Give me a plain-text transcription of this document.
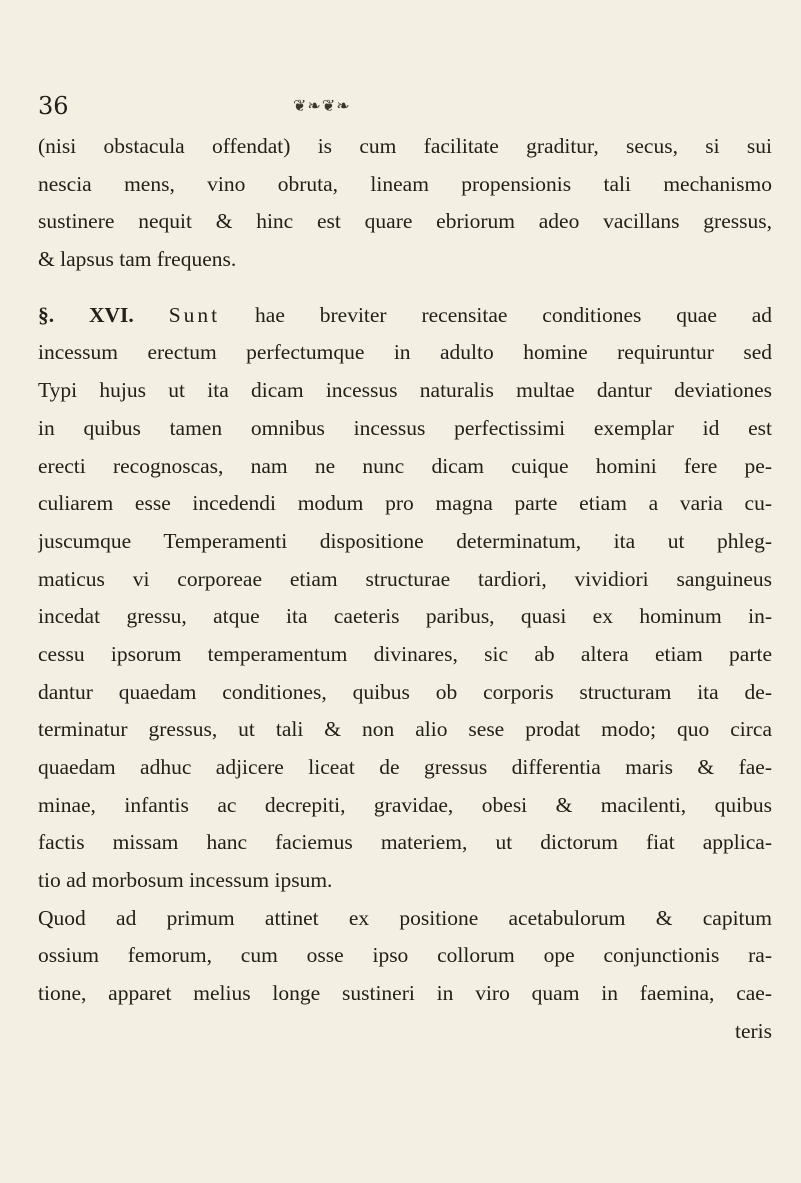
36	❦❧❦❧
(nisi obstacula offendat) is cum facilitate graditur, secus, si sui
nescia mens, vino obruta, lineam propensionis tali mechanismo
sustinere nequit & hinc est quare ebriorum adeo vacillans gressus,
& lapsus tam frequens.
§. XVI. Sunt hae breviter recensitae conditiones quae ad
incessum erectum perfectumque in adulto homine requiruntur sed
Typi hujus ut ita dicam incessus naturalis multae dantur deviationes
in quibus tamen omnibus incessus perfectissimi exemplar id est
erecti recognoscas, nam ne nunc dicam cuique homini fere pe-
culiarem esse incedendi modum pro magna parte etiam a varia cu-
juscumque Temperamenti dispositione determinatum, ita ut phleg-
maticus vi corporeae etiam structurae tardiori, vividiori sanguineus
incedat gressu, atque ita caeteris paribus, quasi ex hominum in-
cessu ipsorum temperamentum divinares, sic ab altera etiam parte
dantur quaedam conditiones, quibus ob corporis structuram ita de-
terminatur gressus, ut tali & non alio sese prodat modo; quo circa
quaedam adhuc adjicere liceat de gressus differentia maris & fae-
minae, infantis ac decrepiti, gravidae, obesi & macilenti, quibus
factis missam hanc faciemus materiem, ut dictorum fiat applica-
tio ad morbosum incessum ipsum.
Quod ad primum attinet ex positione acetabulorum & capitum
ossium femorum, cum osse ipso collorum ope conjunctionis ra-
tione, apparet melius longe sustineri in viro quam in faemina, cae-
teris
